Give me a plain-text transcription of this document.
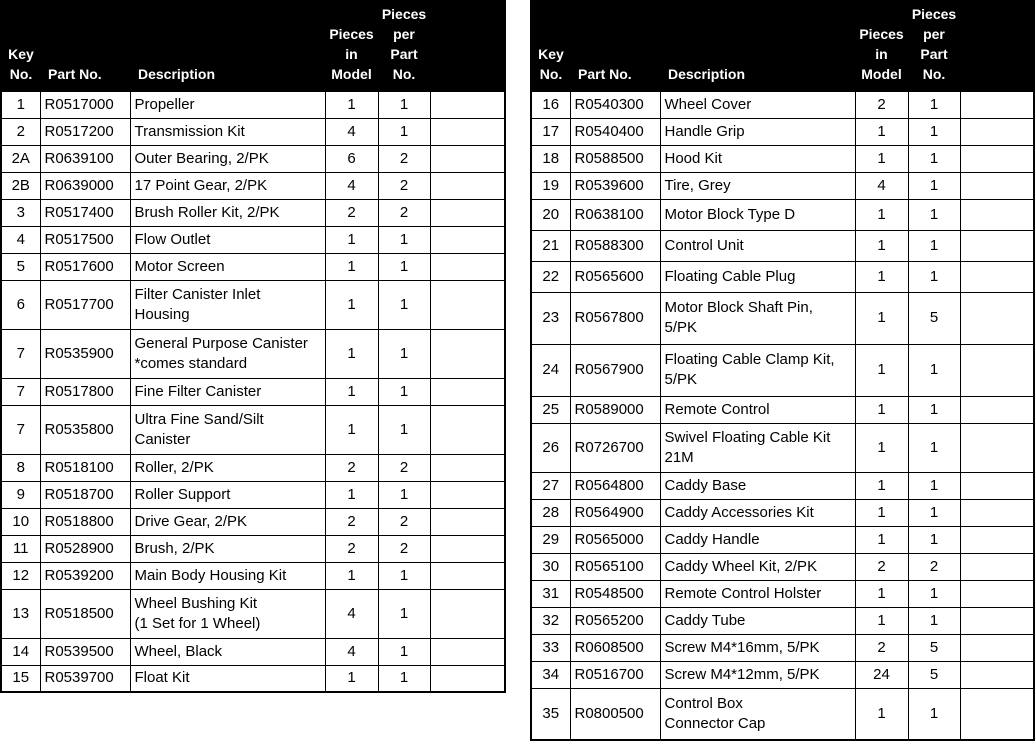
Key
No.	Part No.	Description	Pieces
in
Model	Pieces
per
Part
No.	
1	R0517000	Propeller	1	1	
2	R0517200	Transmission Kit	4	1	
2A	R0639100	Outer Bearing, 2/PK	6	2	
2B	R0639000	17 Point Gear, 2/PK	4	2	
3	R0517400	Brush Roller Kit, 2/PK	2	2	
4	R0517500	Flow Outlet	1	1	
5	R0517600	Motor Screen	1	1	
6	R0517700	Filter Canister Inlet
Housing	1	1	
7	R0535900	General Purpose Canister
*comes standard	1	1	
7	R0517800	Fine Filter Canister	1	1	
7	R0535800	Ultra Fine Sand/Silt
Canister	1	1	
8	R0518100	Roller, 2/PK	2	2	
9	R0518700	Roller Support	1	1	
10	R0518800	Drive Gear, 2/PK	2	2	
11	R0528900	Brush, 2/PK	2	2	
12	R0539200	Main Body Housing Kit	1	1	
13	R0518500	Wheel Bushing Kit
(1 Set for 1 Wheel)	4	1	
14	R0539500	Wheel, Black	4	1	
15	R0539700	Float Kit	1	1	
Key
No.	Part No.	Description	Pieces
in
Model	Pieces
per
Part
No.	
16	R0540300	Wheel Cover	2	1	
17	R0540400	Handle Grip	1	1	
18	R0588500	Hood Kit	1	1	
19	R0539600	Tire, Grey	4	1	
20	R0638100	Motor Block Type D	1	1	
21	R0588300	Control Unit	1	1	
22	R0565600	Floating Cable Plug	1	1	
23	R0567800	Motor Block Shaft Pin,
5/PK	1	5	
24	R0567900	Floating Cable Clamp Kit,
5/PK	1	1	
25	R0589000	Remote Control	1	1	
26	R0726700	Swivel Floating Cable Kit
21M	1	1	
27	R0564800	Caddy Base	1	1	
28	R0564900	Caddy Accessories Kit	1	1	
29	R0565000	Caddy Handle	1	1	
30	R0565100	Caddy Wheel Kit, 2/PK	2	2	
31	R0548500	Remote Control Holster	1	1	
32	R0565200	Caddy Tube	1	1	
33	R0608500	Screw M4*16mm, 5/PK	2	5	
34	R0516700	Screw M4*12mm, 5/PK	24	5	
35	R0800500	Control Box
Connector Cap	1	1	
